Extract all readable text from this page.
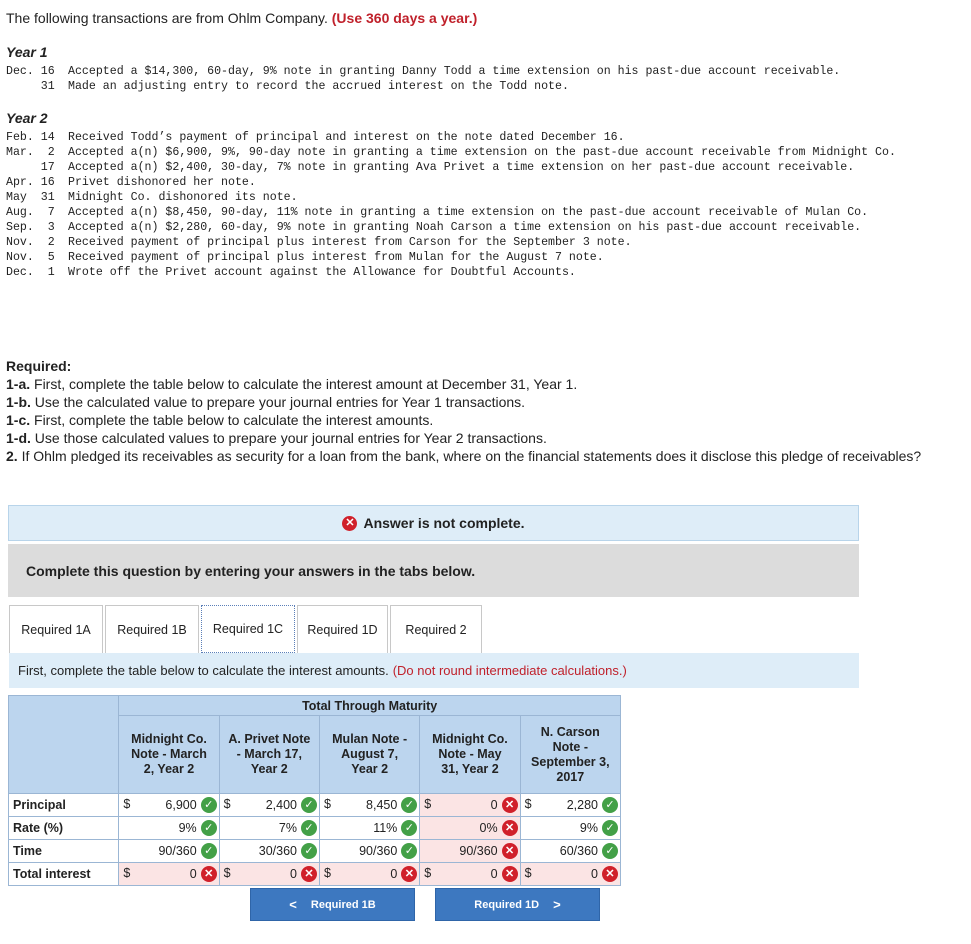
The following transactions are from Ohlm Company. (Use 360 days a year.)
Year 1
Dec. 16	Accepted a $14,300, 60-day, 9% note in granting Danny Todd a time extension on his past-due account receivable.
31	Made an adjusting entry to record the accrued interest on the Todd note.
Year 2
Feb. 14	Received Todd’s payment of principal and interest on the note dated December 16.
Mar.  2	Accepted a(n) $6,900, 9%, 90-day note in granting a time extension on the past-due account receivable from Midnight Co.
17	Accepted a(n) $2,400, 30-day, 7% note in granting Ava Privet a time extension on her past-due account receivable.
Apr. 16	Privet dishonored her note.
May  31	Midnight Co. dishonored its note.
Aug.  7	Accepted a(n) $8,450, 90-day, 11% note in granting a time extension on the past-due account receivable of Mulan Co.
Sep.  3	Accepted a(n) $2,280, 60-day, 9% note in granting Noah Carson a time extension on his past-due account receivable.
Nov.  2	Received payment of principal plus interest from Carson for the September 3 note.
Nov.  5	Received payment of principal plus interest from Mulan for the August 7 note.
Dec.  1	Wrote off the Privet account against the Allowance for Doubtful Accounts.
Required:
1-a. First, complete the table below to calculate the interest amount at December 31, Year 1.
1-b. Use the calculated value to prepare your journal entries for Year 1 transactions.
1-c. First, complete the table below to calculate the interest amounts.
1-d. Use those calculated values to prepare your journal entries for Year 2 transactions.
2. If Ohlm pledged its receivables as security for a loan from the bank, where on the financial statements does it disclose this pledge of receivables?
✕ Answer is not complete.
Complete this question by entering your answers in the tabs below.
Required 1A Required 1B Required 1C Required 1D Required 2
First, complete the table below to calculate the interest amounts. (Do not round intermediate calculations.)
	Total Through Maturity				
	Midnight Co. Note - March 2, Year 2	A. Privet Note - March 17, Year 2	Mulan Note - August 7, Year 2	Midnight Co. Note - May 31, Year 2	N. Carson Note - September 3, 2017
Principal	$ 6,900 ✓	$ 2,400 ✓	$ 8,450 ✓	$ 0 ✕	$ 2,280 ✓

Rate (%)	9% ✓	7% ✓	11% ✓	0% ✕	9% ✓

Time	90/360 ✓	30/360 ✓	90/360 ✓	90/360 ✕	60/360 ✓

Total interest	$ 0 ✕	$ 0 ✕	$ 0 ✕	$ 0 ✕	$ 0 ✕
< Required 1B	Required 1D >
